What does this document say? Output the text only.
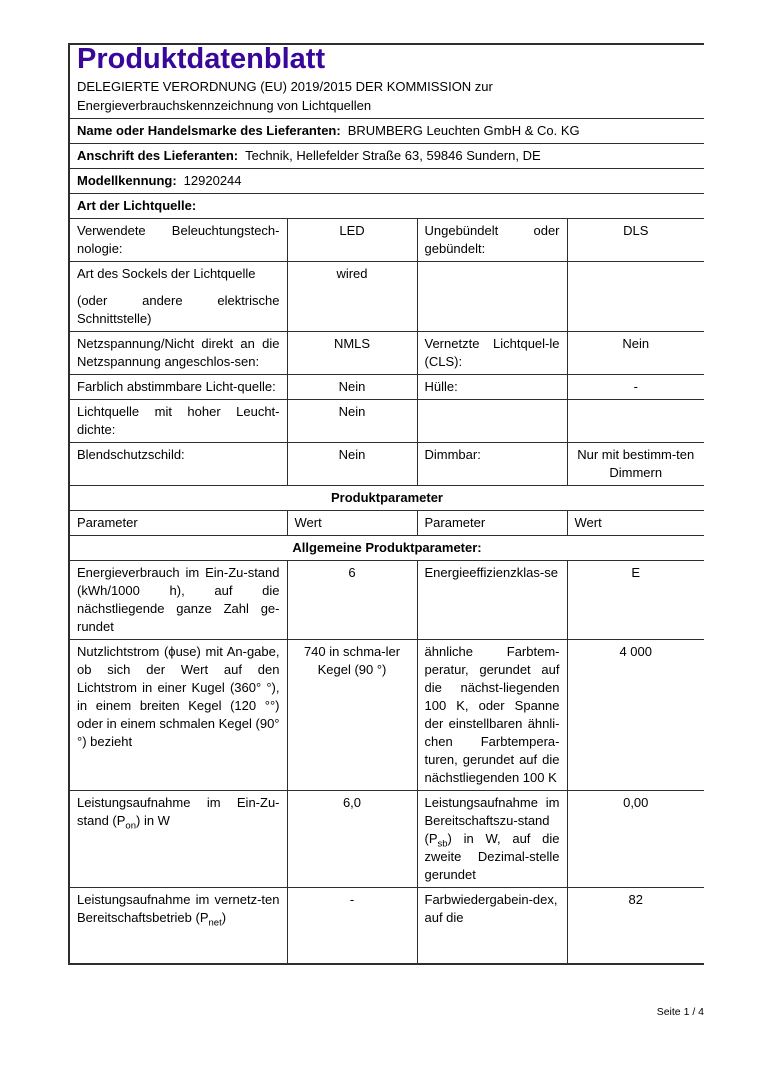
Produktdatenblatt
DELEGIERTE VERORDNUNG (EU) 2019/2015 DER KOMMISSION zur
Energieverbrauchskennzeichnung von Lichtquellen			

Name oder Handelsmarke des Lieferanten: BRUMBERG Leuchten GmbH & Co. KG			
Anschrift des Lieferanten: Technik, Hellefelder Straße 63, 59846 Sundern, DE			
Modellkennung: 12920244			
Art der Lichtquelle:			
Verwendete Beleuchtungstech-nologie:	LED	Ungebündelt oder gebündelt:	DLS

Art des Sockels der Lichtquelle
(oder andere elektrische Schnittstelle)	wired		
Netzspannung/Nicht direkt an die Netzspannung angeschlos-sen:	NMLS	Vernetzte Lichtquel-le (CLS):	Nein
Farblich abstimmbare Licht-quelle:	Nein	Hülle:	-
Lichtquelle mit hoher Leucht-dichte:	Nein		
Blendschutzschild:	Nein	Dimmbar:	Nur mit bestimm-ten Dimmern
Produktparameter			
Parameter	Wert	Parameter	Wert
Allgemeine Produktparameter:			
Energieverbrauch im Ein-Zu-stand (kWh/1000 h), auf die nächstliegende ganze Zahl ge-rundet	6	Energieeffizienzklas-se	E
Nutzlichtstrom (ϕuse) mit An-gabe, ob sich der Wert auf den Lichtstrom in einer Kugel (360° °), in einem breiten Kegel (120 °°) oder in einem schmalen Kegel (90° °) bezieht	740 in schma-ler Kegel (90 °)	ähnliche Farbtem-peratur, gerundet auf die nächst-liegenden 100 K, oder Spanne der einstellbaren ähnli-chen Farbtempera-turen, gerundet auf die nächstliegenden 100 K	4 000
Leistungsaufnahme im Ein-Zu-stand $(P_{on})$ in W	6,0	Leistungsaufnahme im Bereitschaftszu-stand $(P_{sb})$ in W, auf die zweite Dezimal-stelle gerundet	0,00
Leistungsaufnahme im vernetz-ten Bereitschaftsbetrieb $(P_{net})$	-	Farbwiedergabein-dex, auf die	82
Seite 1 / 4
